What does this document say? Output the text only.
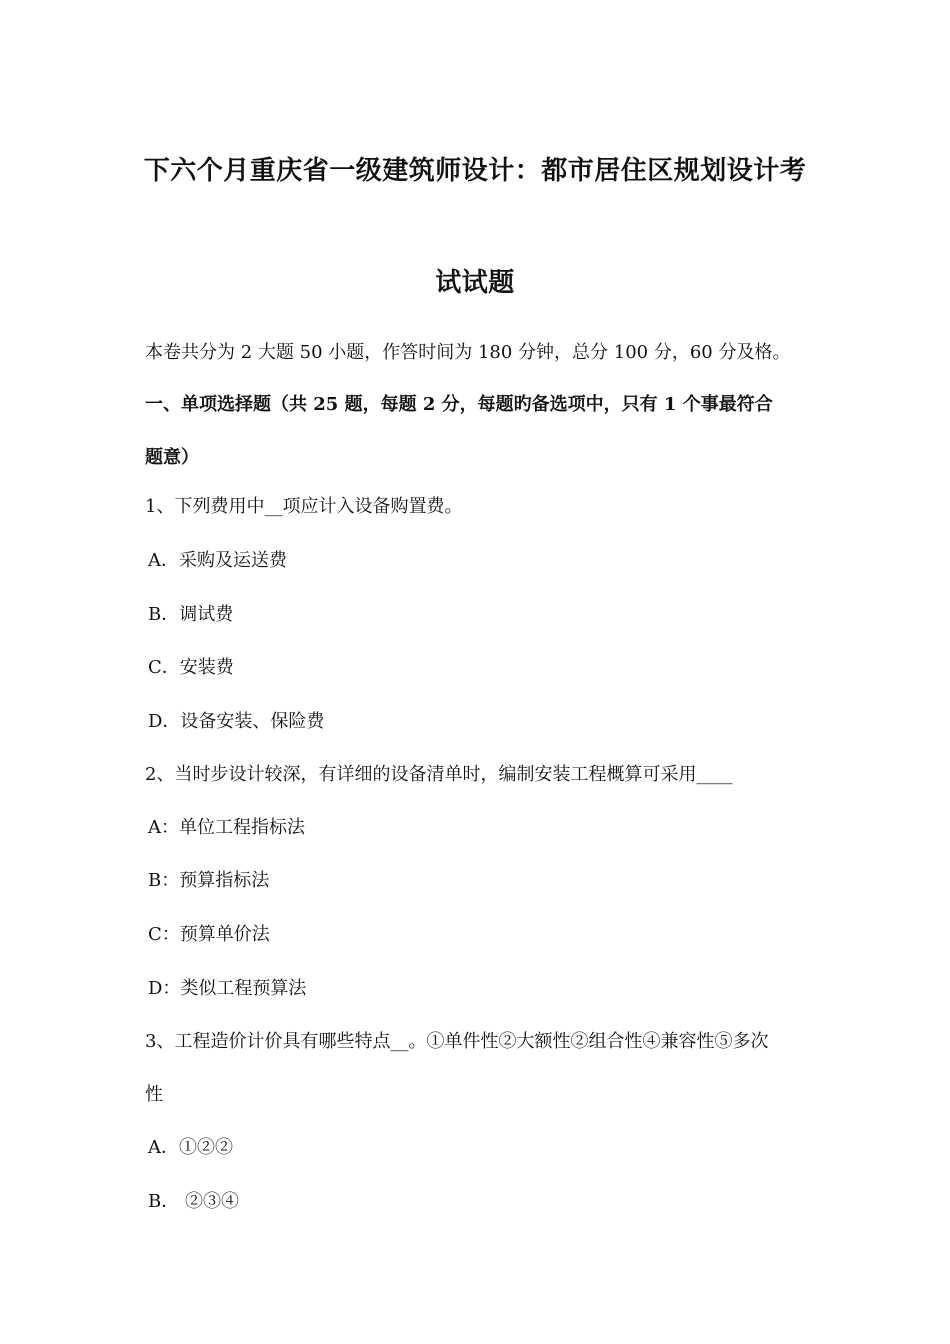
下六个月重庆省一级建筑师设计：都市居住区规划设计考
试试题
本卷共分为 2 大题 50 小题，作答时间为 180 分钟，总分 100 分，60 分及格。
一、单项选择题（共 25 题，每题 2 分，每题旳备选项中，只有 1 个事最符合
题意）
1、下列费用中__项应计入设备购置费。
A．采购及运送费
B．调试费
C．安装费
D．设备安装、保险费
2、当时步设计较深，有详细的设备清单时，编制安装工程概算可采用____
A：单位工程指标法
B：预算指标法
C：预算单价法
D：类似工程预算法
3、工程造价计价具有哪些特点__。①单件性②大额性②组合性④兼容性⑤多次
性
A．①②②
B． ②③④
